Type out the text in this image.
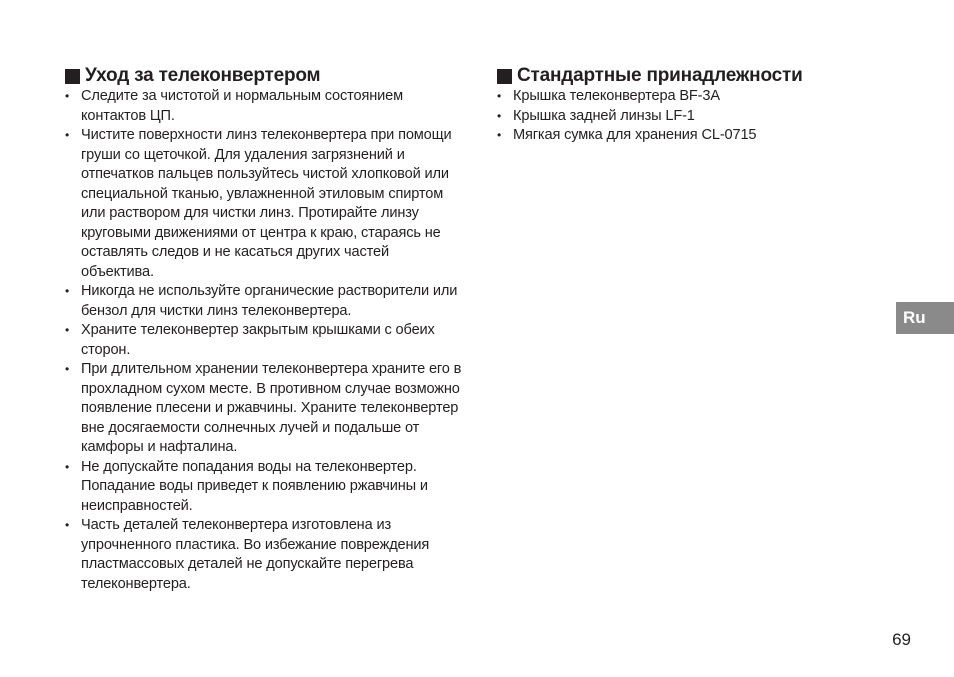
Уход за телеконвертером
• Следите за чистотой и нормальным состоянием контактов ЦП.
• Чистите поверхности линз телеконвертера при помощи груши со щеточкой. Для удаления загрязнений и отпечатков пальцев пользуйтесь чистой хлопковой или специальной тканью, увлажненной этиловым спиртом или раствором для чистки линз. Протирайте линзу круговыми движениями от центра к краю, стараясь не оставлять следов и не касаться других частей объектива.
• Никогда не используйте органические растворители или бензол для чистки линз телеконвертера.
• Храните телеконвертер закрытым крышками с обеих сторон.
• При длительном хранении телеконвертера храните его в прохладном сухом месте. В противном случае возможно появление плесени и ржавчины. Храните телеконвертер вне досягаемости солнечных лучей и подальше от камфоры и нафталина.
• Не допускайте попадания воды на телеконвертер. Попадание воды приведет к появлению ржавчины и неисправностей.
• Часть деталей телеконвертера изготовлена из упрочненного пластика. Во избежание повреждения пластмассовых деталей не допускайте перегрева телеконвертера.
Стандартные принадлежности
• Крышка телеконвертера BF-3A
• Крышка задней линзы LF-1
• Мягкая сумка для хранения CL-0715
Ru
69
